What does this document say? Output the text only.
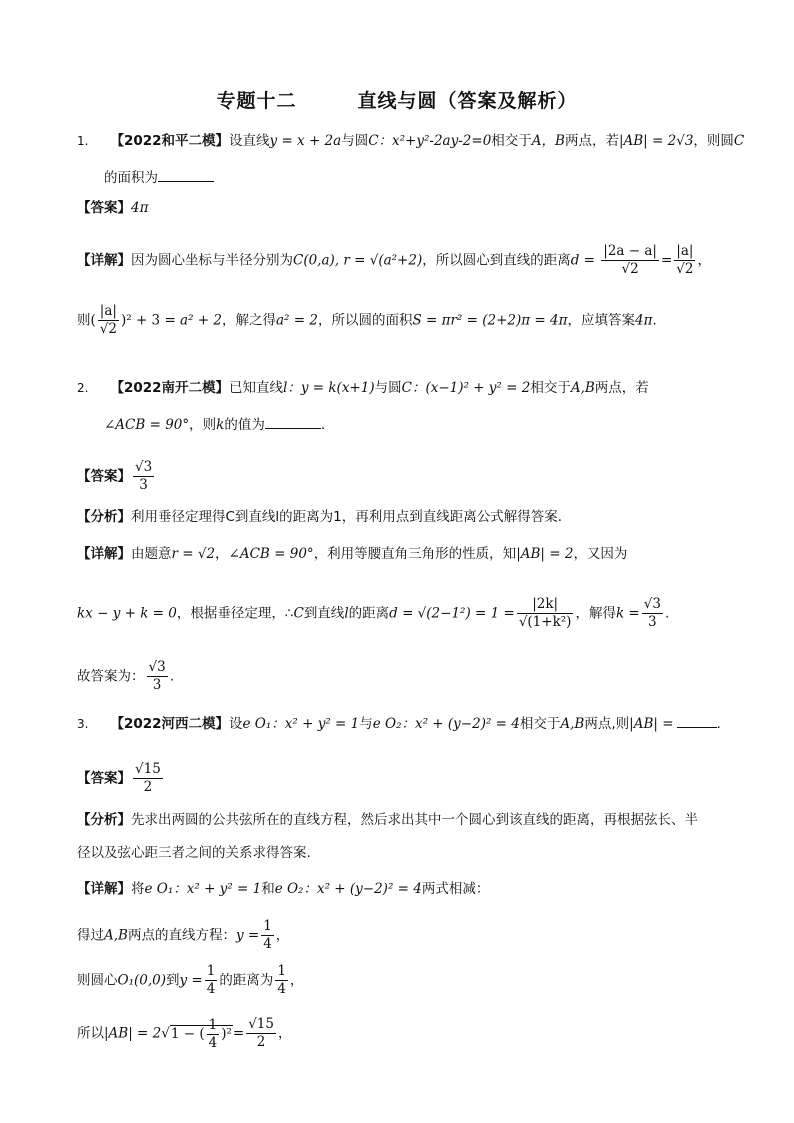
专题十二        直线与圆（答案及解析）
1. 【2022和平二模】设直线y = x + 2a与圆C：x²+y²-2ay-2=0相交于A，B两点，若|AB| = 2√3，则圆C
的面积为
【答案】4π
【详解】因为圆心坐标与半径分别为C(0,a), r = √(a²+2)，所以圆心到直线的距离$d = \frac{|2a - a|}{√2} = \frac{|a|}{√2}$ ，
则( $\frac{|a|}{√2} )^2 + 3 = a^2 + 2$，解之得a² = 2，所以圆的面积S = πr² = (2+2)π = 4π，应填答案4π.
2. 【2022南开二模】已知直线l：y = k(x+1)与圆C：(x−1)² + y² = 2相交于A,B两点，若
∠ACB = 90°，则k的值为	.
【答案】 $\frac{√3}{3}$
【分析】利用垂径定理得C到直线l的距离为1，再利用点到直线距离公式解得答案.
【详解】由题意r = √2，∠ACB = 90°，利用等腰直角三角形的性质，知|AB| = 2，又因为
kx − y + k = 0，根据垂径定理，∴C到直线l的距离$d = √(2-1^2) = 1 = \frac{|2k|}{\text{√(1+k²)}}$ ，解得$k = \frac{√3}{3}$ .
故答案为： $\frac{√3}{3}$ .
3. 【2022河西二模】设e O₁：x² + y² = 1与e O₂：x² + (y−2)² = 4相交于A,B两点,则|AB| =	.
【答案】 $\frac{√15}{2}$
【分析】先求出两圆的公共弦所在的直线方程，然后求出其中一个圆心到该直线的距离，再根据弦长、半
径以及弦心距三者之间的关系求得答案.
【详解】将e O₁：x² + y² = 1和e O₂：x² + (y−2)² = 4两式相减：
得过A,B两点的直线方程：$y = \frac{1}{4}$ ，
则圆心O₁(0,0)到$y = \frac{1}{4}$ 的距离为 $\frac{1}{4}$ ，
所以|AB| = 2√1 − ( $\frac{1}{4} )^2= \frac{√15}{2}$ ，
